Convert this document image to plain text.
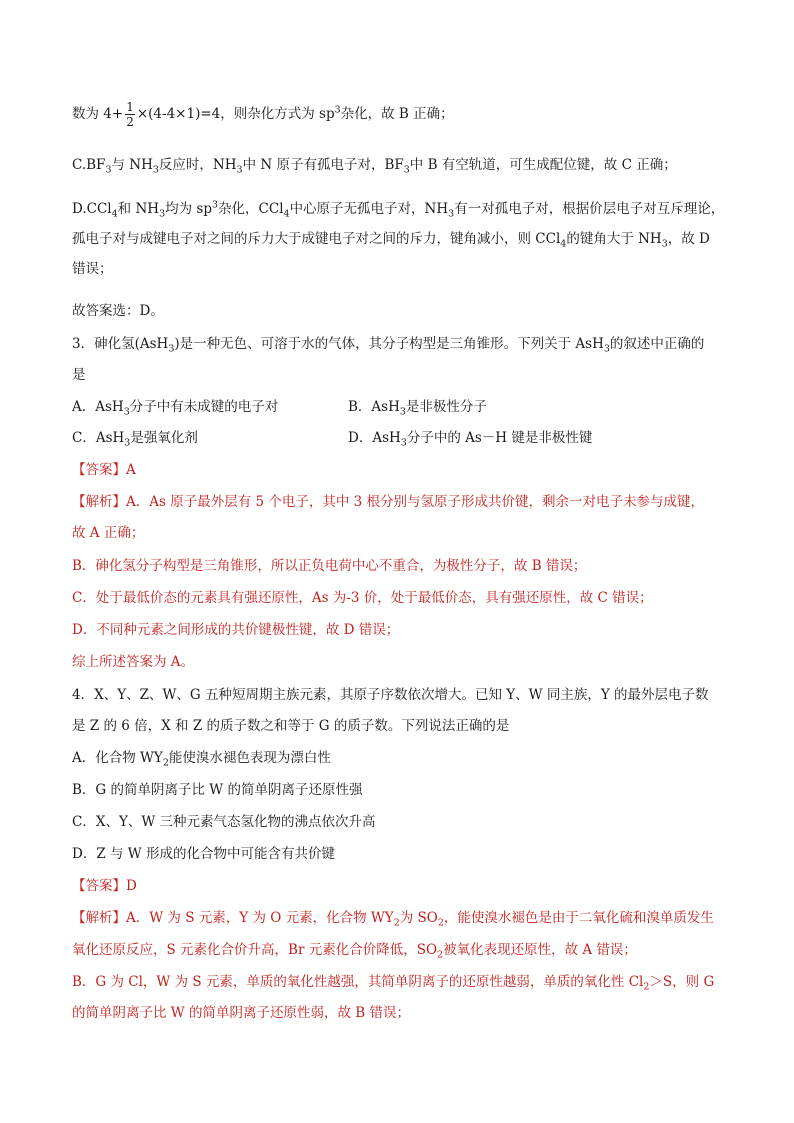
数为 $4+ \frac{1}{2} \times(4-4\times 1)=4$，则杂化方式为 $sp^3$杂化，故 B 正确；
$C.BF_3$与 $NH_3$反应时，$NH_3$中 N 原子有孤电子对，$BF_3$中 B 有空轨道，可生成配位键，故 C 正确；
D.CCl$_4$和 $NH_3$均为 $sp^3$杂化，CCl$_4$中心原子无孤电子对，$NH_3$有一对孤电子对，根据价层电子对互斥理论，
孤电子对与成键电子对之间的斥力大于成键电子对之间的斥力，键角减小，则 CCl$_4$的键角大于 $NH_3$，故 D
错误；
故答案选：D。
3．砷化氢(AsH$_3$)是一种无色、可溶于水的气体，其分子构型是三角锥形。下列关于 AsH$_3$的叙述中正确的
是
A．AsH$_3$分子中有未成键的电子对	B．AsH$_3$是非极性分子
C．AsH$_3$是强氧化剂	D．AsH$_3$分子中的 As－H 键是非极性键
【答案】A
【解析】A．As 原子最外层有 5 个电子，其中 3 根分别与氢原子形成共价键，剩余一对电子未参与成键，
故 A 正确；
B．砷化氢分子构型是三角锥形，所以正负电荷中心不重合，为极性分子，故 B 错误；
C．处于最低价态的元素具有强还原性，As 为-3 价，处于最低价态，具有强还原性，故 C 错误；
D．不同种元素之间形成的共价键极性键，故 D 错误；
综上所述答案为 A。
4．X、Y、Z、W、G 五种短周期主族元素，其原子序数依次增大。已知 Y、W 同主族，Y 的最外层电子数
是 Z 的 6 倍，X 和 Z 的质子数之和等于 G 的质子数。下列说法正确的是
A．化合物 $WY_2$能使溴水褪色表现为漂白性
B．G 的简单阴离子比 W 的简单阴离子还原性强
C．X、Y、W 三种元素气态氢化物的沸点依次升高
D．Z 与 W 形成的化合物中可能含有共价键
【答案】D
【解析】A．W 为 S 元素，Y 为 O 元素，化合物 $WY_2$为 $SO_2$，能使溴水褪色是由于二氧化硫和溴单质发生
氧化还原反应，S 元素化合价升高，Br 元素化合价降低，$SO_2$被氧化表现还原性，故 A 错误；
B．G 为 Cl，W 为 S 元素，单质的氧化性越强，其简单阴离子的还原性越弱，单质的氧化性 $Cl_2>S$，则 G
的简单阴离子比 W 的简单阴离子还原性弱，故 B 错误；
